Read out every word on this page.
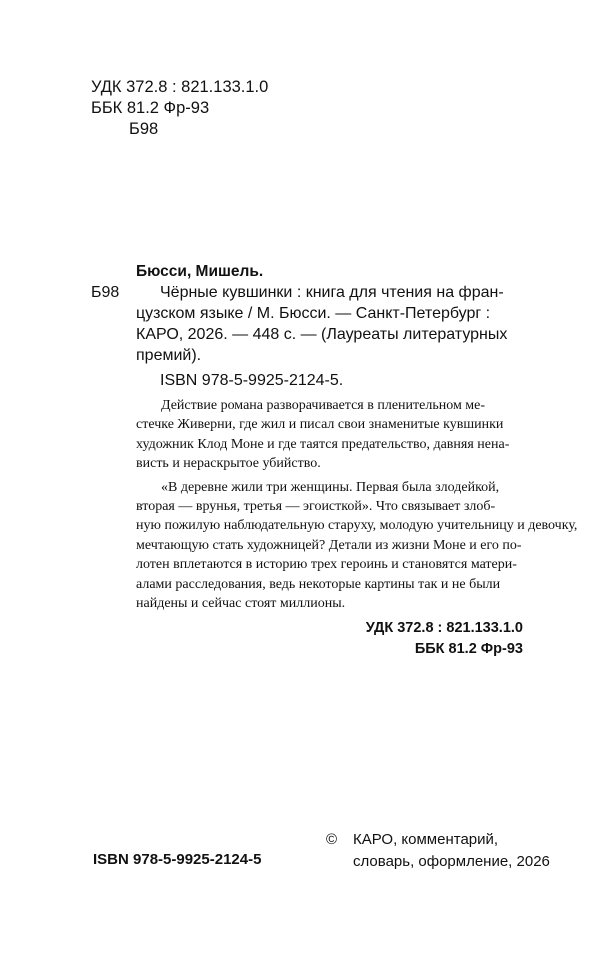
УДК 372.8 : 821.133.1.0
ББК 81.2 Фр-93
Б98
Бюсси, Мишель.
Б98	Чёрные кувшинки : книга для чтения на фран-
цузском языке / М. Бюсси. — Санкт-Петербург :
КАРО, 2026. — 448 с. — (Лауреаты литературных
премий).
ISBN 978-5-9925-2124-5.
Действие романа разворачивается в пленительном ме-
стечке Живерни, где жил и писал свои знаменитые кувшинки
художник Клод Моне и где таятся предательство, давняя нена-
висть и нераскрытое убийство.
«В деревне жили три женщины. Первая была злодейкой,
вторая — врунья, третья — эгоисткой». Что связывает злоб-
ную пожилую наблюдательную старуху, молодую учительницу и девочку,
мечтающую стать художницей? Детали из жизни Моне и его по-
лотен вплетаются в историю трех героинь и становятся матери-
алами расследования, ведь некоторые картины так и не были
найдены и сейчас стоят миллионы.
УДК 372.8 : 821.133.1.0
ББК 81.2 Фр-93
ISBN 978-5-9925-2124-5
© КАРО, комментарий,
словарь, оформление, 2026
